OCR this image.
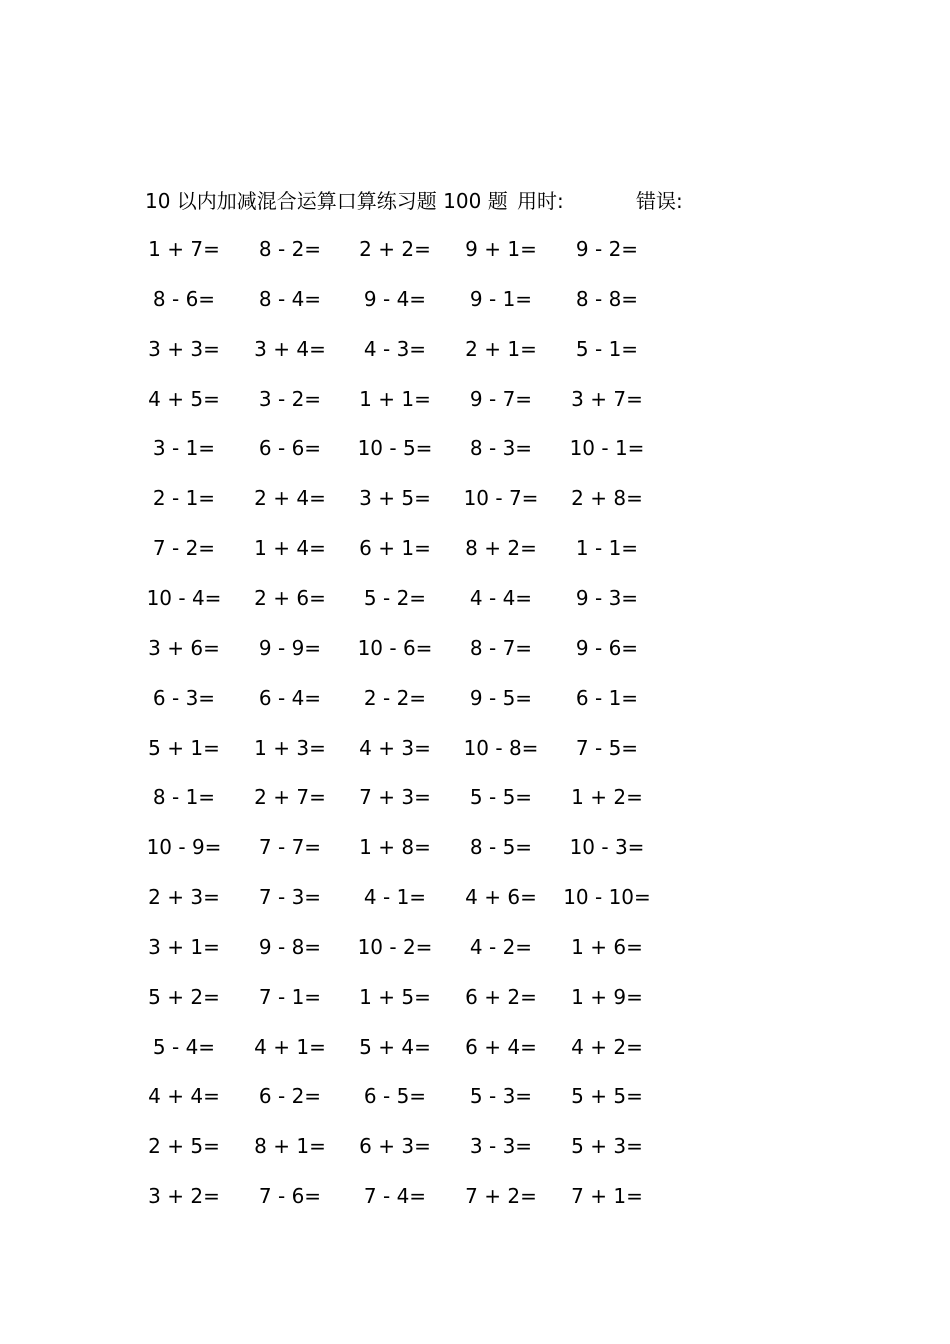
10 以内加减混合运算口算练习题 100 题 用时:	错误:
1 + 7=	8 - 2=	2 + 2=	9 + 1=	9 - 2=
8 - 6=	8 - 4=	9 - 4=	9 - 1=	8 - 8=
3 + 3=	3 + 4=	4 - 3=	2 + 1=	5 - 1=
4 + 5=	3 - 2=	1 + 1=	9 - 7=	3 + 7=
3 - 1=	6 - 6=	10 - 5=	8 - 3=	10 - 1=
2 - 1=	2 + 4=	3 + 5=	10 - 7=	2 + 8=
7 - 2=	1 + 4=	6 + 1=	8 + 2=	1 - 1=
10 - 4=	2 + 6=	5 - 2=	4 - 4=	9 - 3=
3 + 6=	9 - 9=	10 - 6=	8 - 7=	9 - 6=
6 - 3=	6 - 4=	2 - 2=	9 - 5=	6 - 1=
5 + 1=	1 + 3=	4 + 3=	10 - 8=	7 - 5=
8 - 1=	2 + 7=	7 + 3=	5 - 5=	1 + 2=
10 - 9=	7 - 7=	1 + 8=	8 - 5=	10 - 3=
2 + 3=	7 - 3=	4 - 1=	4 + 6=	10 - 10=
3 + 1=	9 - 8=	10 - 2=	4 - 2=	1 + 6=
5 + 2=	7 - 1=	1 + 5=	6 + 2=	1 + 9=
5 - 4=	4 + 1=	5 + 4=	6 + 4=	4 + 2=
4 + 4=	6 - 2=	6 - 5=	5 - 3=	5 + 5=
2 + 5=	8 + 1=	6 + 3=	3 - 3=	5 + 3=
3 + 2=	7 - 6=	7 - 4=	7 + 2=	7 + 1=
